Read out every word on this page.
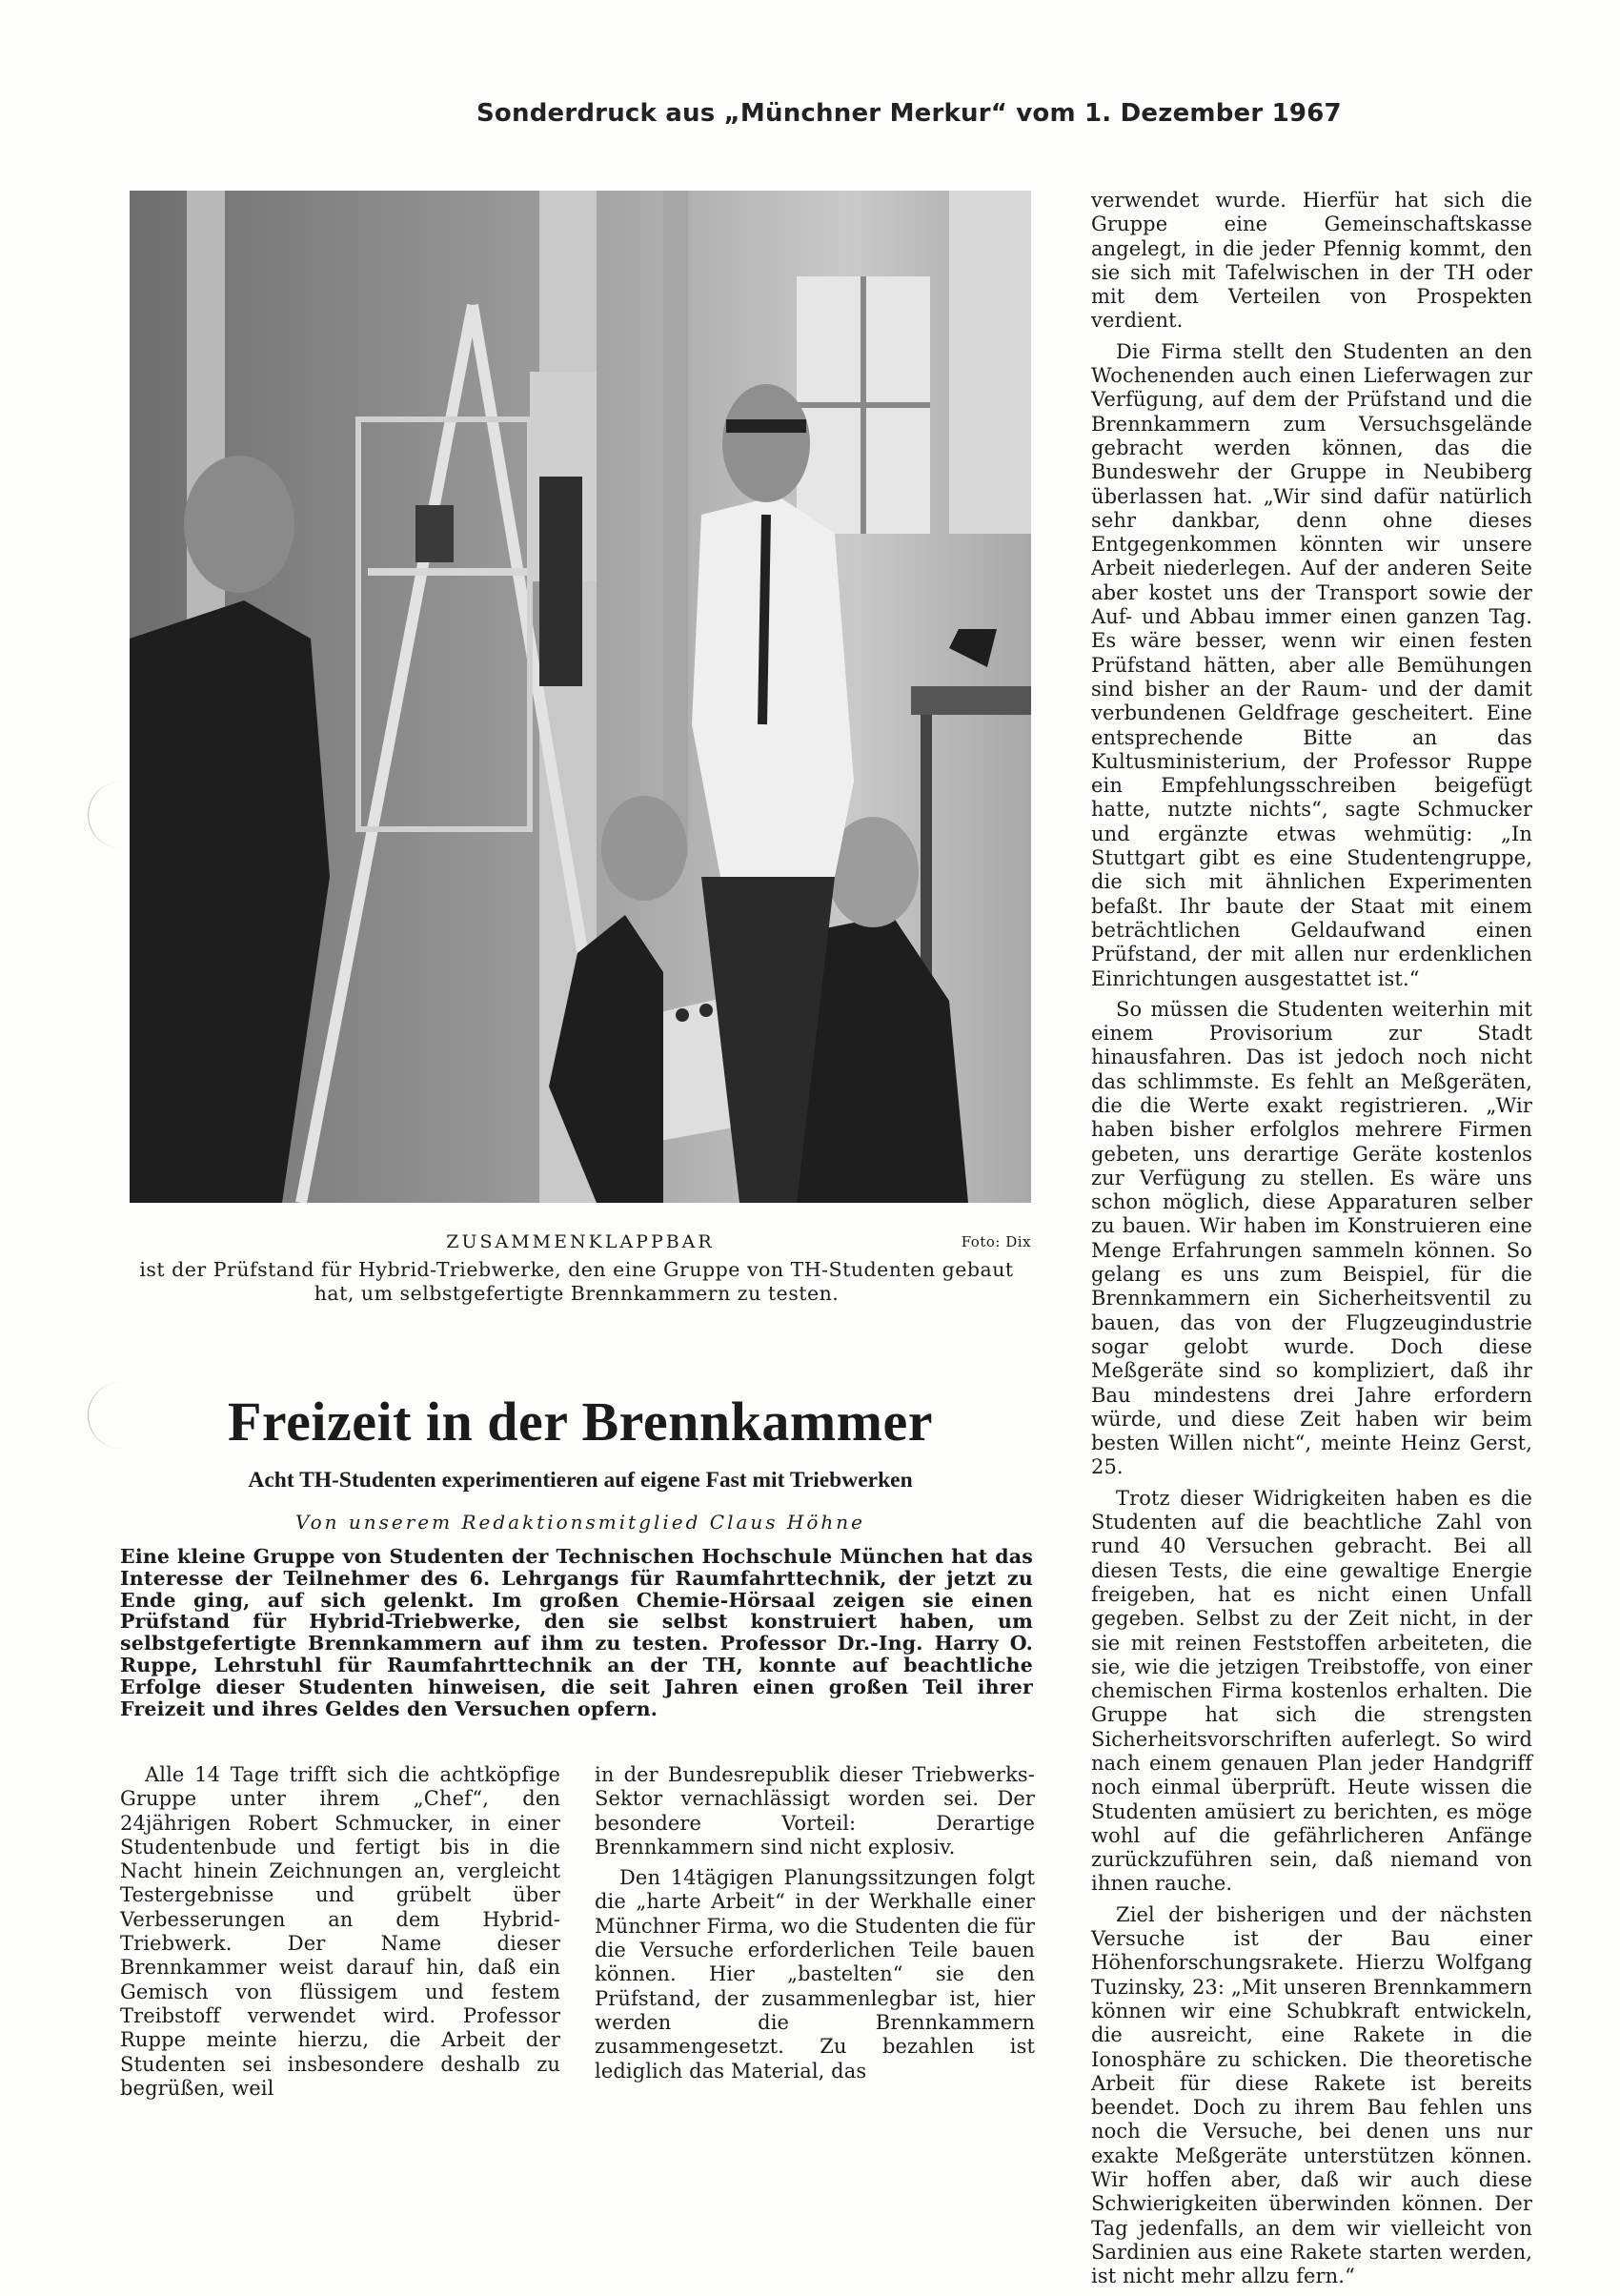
Sonderdruck aus „Münchner Merkur“ vom 1. Dezember 1967
ZUSAMMENKLAPPBAR	Foto: Dix
ist der Prüfstand für Hybrid-Triebwerke, den eine Gruppe von TH-Studenten gebaut hat, um selbstgefertigte Brennkammern zu testen.
Freizeit in der Brennkammer
Acht TH-Studenten experimentieren auf eigene Fast mit Triebwerken
Von unserem Redaktionsmitglied Claus Höhne
Eine kleine Gruppe von Studenten der Technischen Hochschule München hat das Interesse der Teilnehmer des 6. Lehrgangs für Raumfahrttechnik, der jetzt zu Ende ging, auf sich gelenkt. Im großen Chemie-Hörsaal zeigen sie einen Prüfstand für Hybrid-Triebwerke, den sie selbst konstruiert haben, um selbstgefertigte Brennkammern auf ihm zu testen. Professor Dr.-Ing. Harry O. Ruppe, Lehrstuhl für Raumfahrttechnik an der TH, konnte auf beachtliche Erfolge dieser Studenten hinweisen, die seit Jahren einen großen Teil ihrer Freizeit und ihres Geldes den Versuchen opfern.

Alle 14 Tage trifft sich die achtköpfige Gruppe unter ihrem „Chef“, den 24jährigen Robert Schmucker, in einer Studentenbude und fertigt bis in die Nacht hinein Zeichnungen an, vergleicht Testergebnisse und grübelt über Verbesserungen an dem Hybrid-Triebwerk. Der Name dieser Brennkammer weist darauf hin, daß ein Gemisch von flüssigem und festem Treibstoff verwendet wird. Professor Ruppe meinte hierzu, die Arbeit der Studenten sei insbesondere deshalb zu begrüßen, weil

in der Bundesrepublik dieser Triebwerks-Sektor vernachlässigt worden sei. Der besondere Vorteil: Derartige Brennkammern sind nicht explosiv.

Den 14tägigen Planungssitzungen folgt die „harte Arbeit“ in der Werkhalle einer Münchner Firma, wo die Studenten die für die Versuche erforderlichen Teile bauen können. Hier „bastelten“ sie den Prüfstand, der zusammenlegbar ist, hier werden die Brennkammern zusammengesetzt. Zu bezahlen ist lediglich das Material, das

verwendet wurde. Hierfür hat sich die Gruppe eine Gemeinschaftskasse angelegt, in die jeder Pfennig kommt, den sie sich mit Tafelwischen in der TH oder mit dem Verteilen von Prospekten verdient.

Die Firma stellt den Studenten an den Wochenenden auch einen Lieferwagen zur Verfügung, auf dem der Prüfstand und die Brennkammern zum Versuchsgelände gebracht werden können, das die Bundeswehr der Gruppe in Neubiberg überlassen hat. „Wir sind dafür natürlich sehr dankbar, denn ohne dieses Entgegenkommen könnten wir unsere Arbeit niederlegen. Auf der anderen Seite aber kostet uns der Transport sowie der Auf- und Abbau immer einen ganzen Tag. Es wäre besser, wenn wir einen festen Prüfstand hätten, aber alle Bemühungen sind bisher an der Raum- und der damit verbundenen Geldfrage gescheitert. Eine entsprechende Bitte an das Kultusministerium, der Professor Ruppe ein Empfehlungsschreiben beigefügt hatte, nutzte nichts“, sagte Schmucker und ergänzte etwas wehmütig: „In Stuttgart gibt es eine Studentengruppe, die sich mit ähnlichen Experimenten befaßt. Ihr baute der Staat mit einem beträchtlichen Geldaufwand einen Prüfstand, der mit allen nur erdenklichen Einrichtungen ausgestattet ist.“

So müssen die Studenten weiterhin mit einem Provisorium zur Stadt hinausfahren. Das ist jedoch noch nicht das schlimmste. Es fehlt an Meßgeräten, die die Werte exakt registrieren. „Wir haben bisher erfolglos mehrere Firmen gebeten, uns derartige Geräte kostenlos zur Verfügung zu stellen. Es wäre uns schon möglich, diese Apparaturen selber zu bauen. Wir haben im Konstruieren eine Menge Erfahrungen sammeln können. So gelang es uns zum Beispiel, für die Brennkammern ein Sicherheitsventil zu bauen, das von der Flugzeugindustrie sogar gelobt wurde. Doch diese Meßgeräte sind so kompliziert, daß ihr Bau mindestens drei Jahre erfordern würde, und diese Zeit haben wir beim besten Willen nicht“, meinte Heinz Gerst, 25.

Trotz dieser Widrigkeiten haben es die Studenten auf die beachtliche Zahl von rund 40 Versuchen gebracht. Bei all diesen Tests, die eine gewaltige Energie freigeben, hat es nicht einen Unfall gegeben. Selbst zu der Zeit nicht, in der sie mit reinen Feststoffen arbeiteten, die sie, wie die jetzigen Treibstoffe, von einer chemischen Firma kostenlos erhalten. Die Gruppe hat sich die strengsten Sicherheitsvorschriften auferlegt. So wird nach einem genauen Plan jeder Handgriff noch einmal überprüft. Heute wissen die Studenten amüsiert zu berichten, es möge wohl auf die gefährlicheren Anfänge zurückzuführen sein, daß niemand von ihnen rauche.

Ziel der bisherigen und der nächsten Versuche ist der Bau einer Höhenforschungsrakete. Hierzu Wolfgang Tuzinsky, 23: „Mit unseren Brennkammern können wir eine Schubkraft entwickeln, die ausreicht, eine Rakete in die Ionosphäre zu schicken. Die theoretische Arbeit für diese Rakete ist bereits beendet. Doch zu ihrem Bau fehlen uns noch die Versuche, bei denen uns nur exakte Meßgeräte unterstützen können. Wir hoffen aber, daß wir auch diese Schwierigkeiten überwinden können. Der Tag jedenfalls, an dem wir vielleicht von Sardinien aus eine Rakete starten werden, ist nicht mehr allzu fern.“
